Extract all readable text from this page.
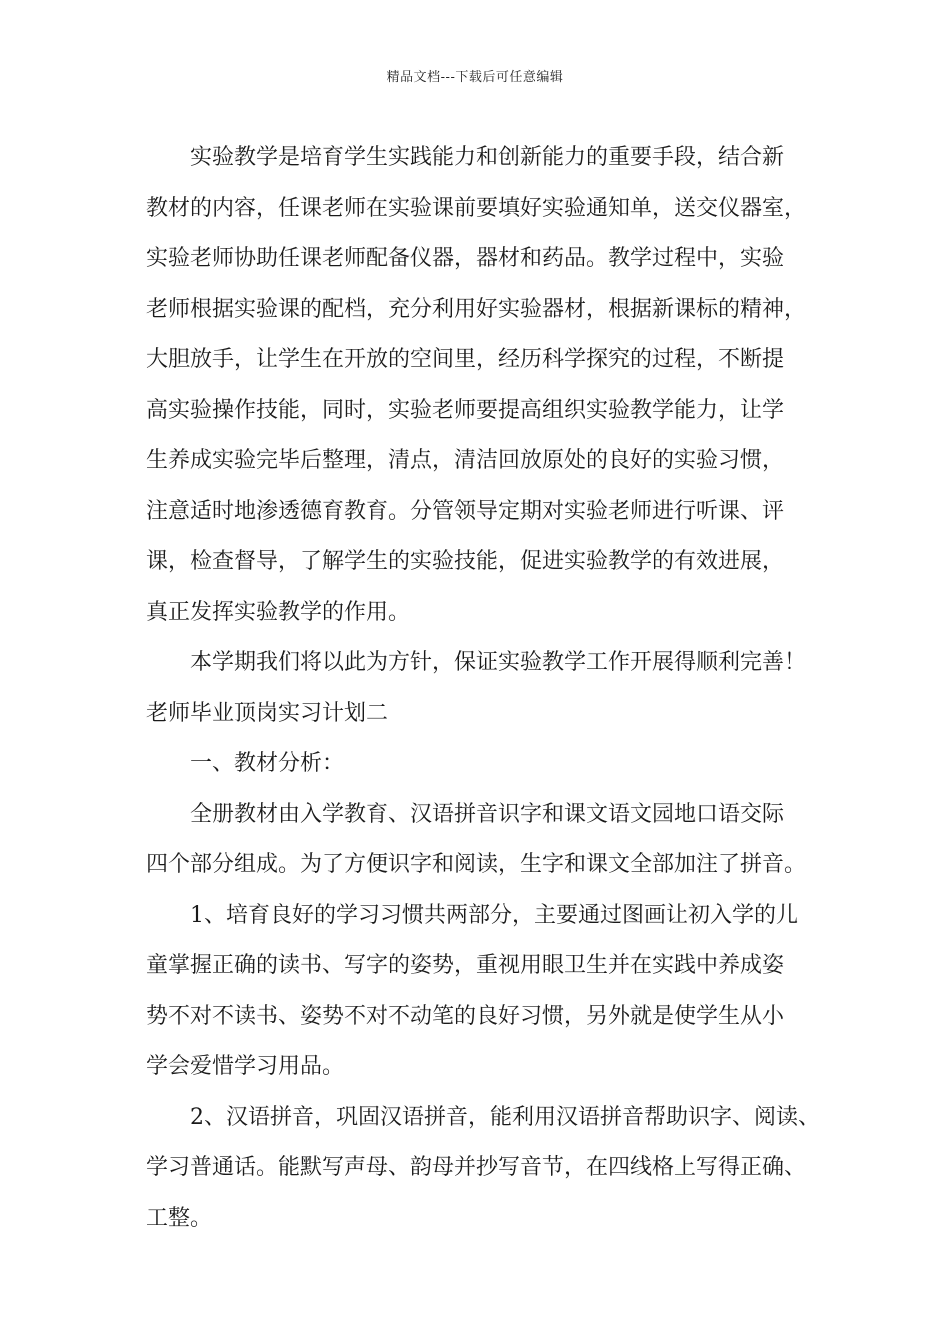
精品文档---下载后可任意编辑
实验教学是培育学生实践能力和创新能力的重要手段，结合新
教材的内容，任课老师在实验课前要填好实验通知单，送交仪器室，
实验老师协助任课老师配备仪器，器材和药品。教学过程中，实验
老师根据实验课的配档，充分利用好实验器材，根据新课标的精神，
大胆放手，让学生在开放的空间里，经历科学探究的过程，不断提
高实验操作技能，同时，实验老师要提高组织实验教学能力，让学
生养成实验完毕后整理，清点，清洁回放原处的良好的实验习惯，
注意适时地渗透德育教育。分管领导定期对实验老师进行听课、评
课，检查督导，了解学生的实验技能，促进实验教学的有效进展，
真正发挥实验教学的作用。
本学期我们将以此为方针，保证实验教学工作开展得顺利完善！
老师毕业顶岗实习计划二
一、教材分析：
全册教材由入学教育、汉语拼音识字和课文语文园地口语交际
四个部分组成。为了方便识字和阅读，生字和课文全部加注了拼音。
1、培育良好的学习习惯共两部分，主要通过图画让初入学的儿
童掌握正确的读书、写字的姿势，重视用眼卫生并在实践中养成姿
势不对不读书、姿势不对不动笔的良好习惯，另外就是使学生从小
学会爱惜学习用品。
2、汉语拼音，巩固汉语拼音，能利用汉语拼音帮助识字、阅读、
学习普通话。能默写声母、韵母并抄写音节，在四线格上写得正确、
工整。
